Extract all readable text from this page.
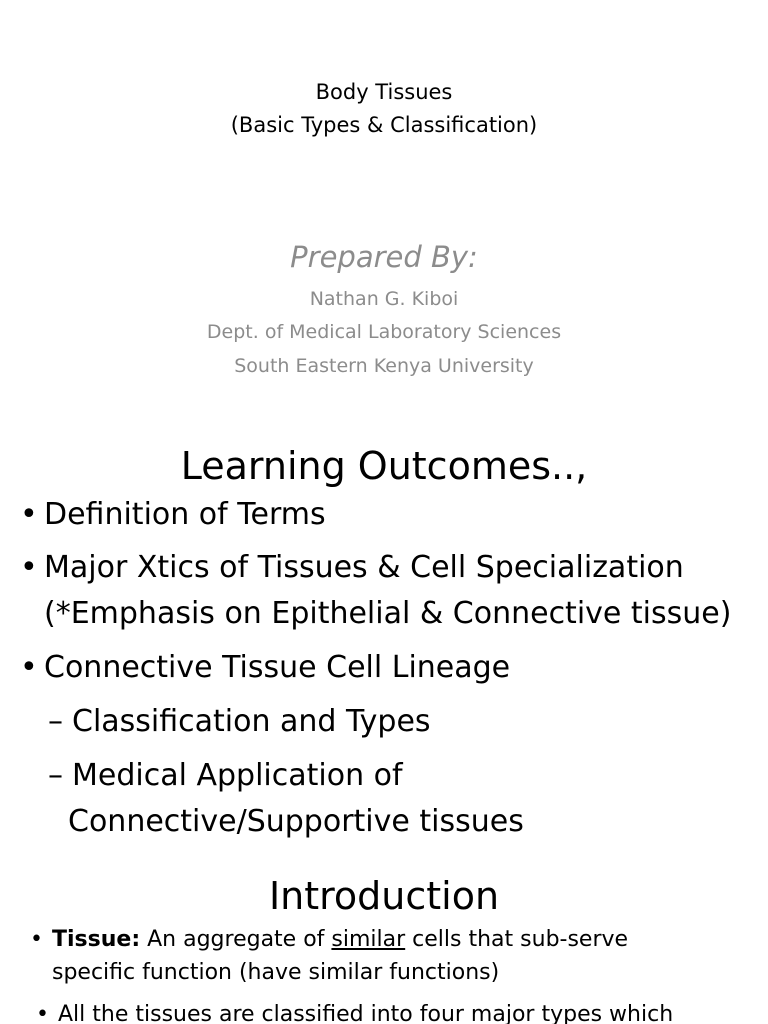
Body Tissues
(Basic Types & Classification)
Prepared By:
Nathan G. Kiboi
Dept. of Medical Laboratory Sciences
South Eastern Kenya University
Learning Outcomes..,
• Definition of Terms
• Major Xtics of Tissues & Cell Specialization
(*Emphasis on Epithelial & Connective tissue)
• Connective Tissue Cell Lineage
– Classification and Types
– Medical Application of
Connective/Supportive tissues
Introduction
• Tissue: An aggregate of similar cells that sub-serve
specific function (have similar functions)
• All the tissues are classified into four major types which
